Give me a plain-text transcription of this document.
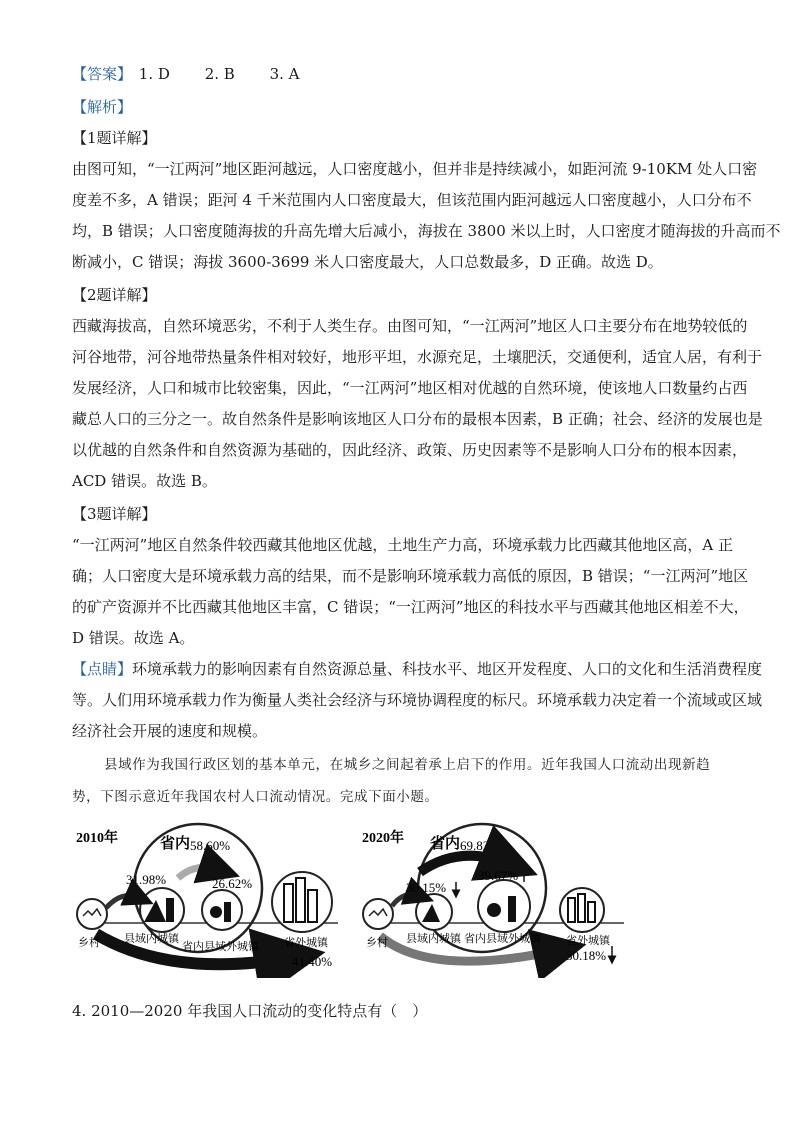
【答案】 1. D 2. B 3. A
【解析】
【1题详解】
由图可知，“一江两河”地区距河越远，人口密度越小，但并非是持续减小，如距河流 9-10KM 处人口密
度差不多，A 错误；距河 4 千米范围内人口密度最大，但该范围内距河越远人口密度越小，人口分布不
均，B 错误；人口密度随海拔的升高先增大后减小，海拔在 3800 米以上时，人口密度才随海拔的升高而不
断减小，C 错误；海拔 3600-3699 米人口密度最大，人口总数最多，D 正确。故选 D。
【2题详解】
西藏海拔高，自然环境恶劣，不利于人类生存。由图可知，“一江两河”地区人口主要分布在地势较低的
河谷地带，河谷地带热量条件相对较好，地形平坦，水源充足，土壤肥沃，交通便利，适宜人居，有利于
发展经济，人口和城市比较密集，因此，“一江两河”地区相对优越的自然环境，使该地人口数量约占西
藏总人口的三分之一。故自然条件是影响该地区人口分布的最根本因素，B 正确；社会、经济的发展也是
以优越的自然条件和自然资源为基础的，因此经济、政策、历史因素等不是影响人口分布的根本因素，
ACD 错误。故选 B。
【3题详解】
“一江两河”地区自然条件较西藏其他地区优越，土地生产力高，环境承载力比西藏其他地区高，A 正
确；人口密度大是环境承载力高的结果，而不是影响环境承载力高低的原因，B 错误；“一江两河”地区
的矿产资源并不比西藏其他地区丰富，C 错误；“一江两河”地区的科技水平与西藏其他地区相差不大，
D 错误。故选 A。
【点睛】环境承载力的影响因素有自然资源总量、科技水平、地区开发程度、人口的文化和生活消费程度
等。人们用环境承载力作为衡量人类社会经济与环境协调程度的标尺。环境承载力决定着一个流域或区域
经济社会开展的速度和规模。
县域作为我国行政区划的基本单元，在城乡之间起着承上启下的作用。近年我国人口流动出现新趋
势，下图示意近年我国农村人口流动情况。完成下面小题。
2010年	省内 58.60%
31.98%	26.62%
41.40%
乡村 县域内城镇
省内县域外城镇 省外城镇
2020年 省内 69.82%
30.15%
39.67%
30.18%
乡村 县域内城镇 省内县域外城镇 省外城镇
4. 2010—2020 年我国人口流动的变化特点有（　）
